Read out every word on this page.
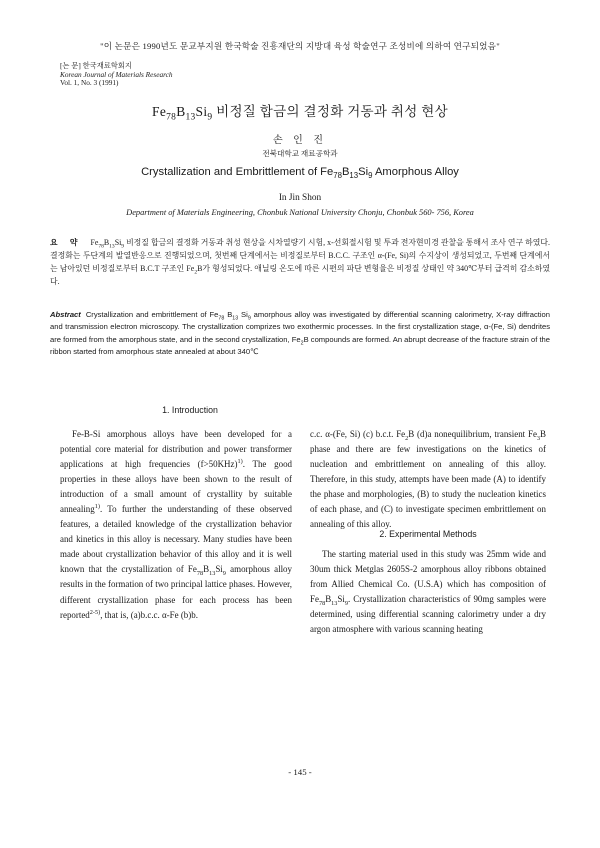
"이 논문은 1990년도 문교부지원 한국학술 진흥재단의 지방대 육성 학술연구 조성비에 의하여 연구되었음"
[논 문] 한국재료학회지
Korean Journal of Materials Research
Vol. 1, No. 3 (1991)
$Fe_{78}B_{13}Si_9$ 비정질 합금의 결정화 거동과 취성 현상
손 인 진
전북대학교 재료공학과
Crystallization and Embrittlement of $Fe_{78}B_{13}Si_9$ Amorphous Alloy
In Jin Shon
Department of Materials Engineering, Chonbuk National University Chonju, Chonbuk 560- 756, Korea
요 약 $Fe_{78}B_{13}Si_9$ 비정질 합금의 결정화 거동과 취성 현상을 시차열량기 시험, x-선회절시험 및 투과 전자현미경 관찰을 통해서 조사 연구 하였다. 결정화는 두단계의 발열반응으로 진행되었으며, 첫번째 단계에서는 비정질로부터 B.C.C. 구조인 α-(Fe, Si)의 수지상이 생성되었고, 두번째 단계에서는 남아있던 비정질로부터 B.C.T 구조인 $Fe_2B$가 형성되었다. 애닐링 온도에 따른 시편의 파단 변형율은 비정질 상태인 약 340℃부터 급격히 감소하였다.
Abstract Crystallization and embrittlement of $Fe_{78}$ $B_{13}$ $Si_9$ amorphous alloy was investigated by differential scanning calorimetry, X-ray diffraction and transmission electron microscopy. The crystallization comprizes two exothermic processes. In the first crystallization stage, α-(Fe, Si) dendrites are formed from the amorphous state, and in the second crystallization, $Fe_2B$ compounds are formed. An abrupt decrease of the fracture strain of the ribbon started from amorphous state annealed at about 340℃
1. Introduction

Fe-B-Si amorphous alloys have been developed for a potential core material for distribution and power transformer applications at high frequencies (f>50KHz)$^{1)}$. The good properties in these alloys have been shown to the result of introduction of a small amount of crystallity by suitable annealing$^{1)}$. To further the understanding of these observed features, a detailed knowledge of the crystallization behavior and kinetics in this alloy is necessary. Many studies have been made about crystallization behavior of this alloy and it is well known that the crystallization of $Fe_{78}B_{13}Si_9$ amorphous alloy results in the formation of two principal lattice phases. However, different crystallization phase for each process has been reported$^{2-5)}$, that is, (a)b.c.c. α-Fe (b)b.

c.c. α-(Fe, Si) (c) b.c.t. $Fe_2B$ (d)a nonequilibrium, transient $Fe_3B$ phase and there are few investigations on the kinetics of nucleation and embrittlement on annealing of this alloy. Therefore, in this study, attempts have been made (A) to identify the phase and morphologies, (B) to study the nucleation kinetics of each phase, and (C) to investigate specimen embrittlement on annealing of this alloy.

2. Experimental Methods

The starting material used in this study was 25mm wide and 30um thick Metglas 2605S-2 amorphous alloy ribbons obtained from Allied Chemical Co. (U.S.A) which has composition of $Fe_{78}B_{13}Si_9$. Crystallization characteristics of 90mg samples were determined, using differential scanning calorimetry under a dry argon atmosphere with various scanning heating

- 145 -
